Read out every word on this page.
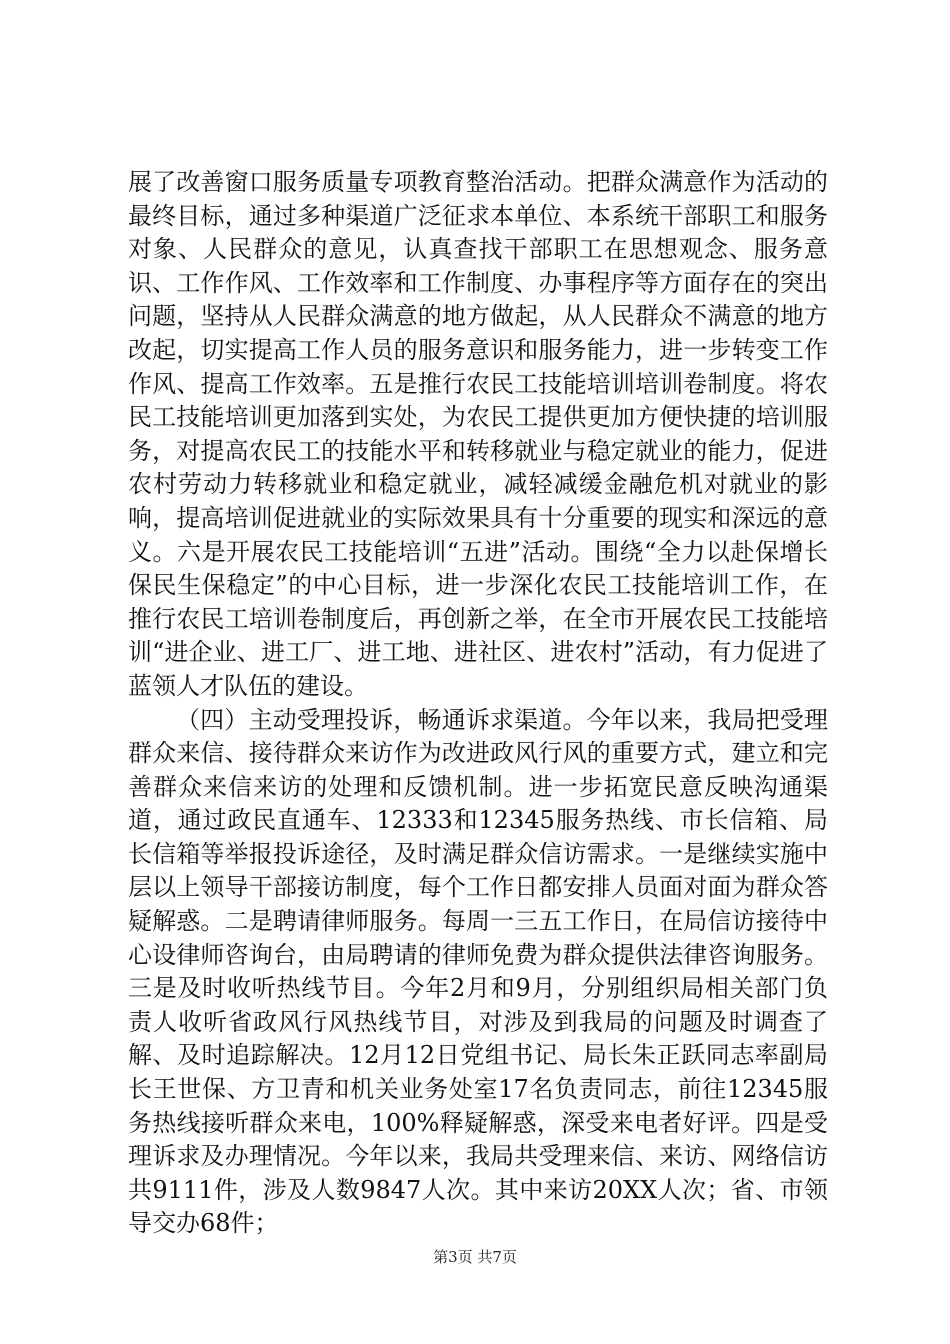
展了改善窗口服务质量专项教育整治活动。把群众满意作为活动的最终目标，通过多种渠道广泛征求本单位、本系统干部职工和服务对象、人民群众的意见，认真查找干部职工在思想观念、服务意识、工作作风、工作效率和工作制度、办事程序等方面存在的突出问题，坚持从人民群众满意的地方做起，从人民群众不满意的地方改起，切实提高工作人员的服务意识和服务能力，进一步转变工作作风、提高工作效率。五是推行农民工技能培训培训卷制度。将农民工技能培训更加落到实处，为农民工提供更加方便快捷的培训服务，对提高农民工的技能水平和转移就业与稳定就业的能力，促进农村劳动力转移就业和稳定就业，减轻减缓金融危机对就业的影响，提高培训促进就业的实际效果具有十分重要的现实和深远的意义。六是开展农民工技能培训“五进”活动。围绕“全力以赴保增长保民生保稳定”的中心目标，进一步深化农民工技能培训工作，在推行农民工培训卷制度后，再创新之举，在全市开展农民工技能培训“进企业、进工厂、进工地、进社区、进农村”活动，有力促进了蓝领人才队伍的建设。

（四）主动受理投诉，畅通诉求渠道。今年以来，我局把受理群众来信、接待群众来访作为改进政风行风的重要方式，建立和完善群众来信来访的处理和反馈机制。进一步拓宽民意反映沟通渠道，通过政民直通车、12333和12345服务热线、市长信箱、局长信箱等举报投诉途径，及时满足群众信访需求。一是继续实施中层以上领导干部接访制度，每个工作日都安排人员面对面为群众答疑解惑。二是聘请律师服务。每周一三五工作日，在局信访接待中心设律师咨询台，由局聘请的律师免费为群众提供法律咨询服务。三是及时收听热线节目。今年2月和9月，分别组织局相关部门负责人收听省政风行风热线节目，对涉及到我局的问题及时调查了解、及时追踪解决。12月12日党组书记、局长朱正跃同志率副局长王世保、方卫青和机关业务处室17名负责同志，前往12345服务热线接听群众来电，100%释疑解惑，深受来电者好评。四是受理诉求及办理情况。今年以来，我局共受理来信、来访、网络信访共9111件，涉及人数9847人次。其中来访20XX人次；省、市领导交办68件；

第3页 共7页
